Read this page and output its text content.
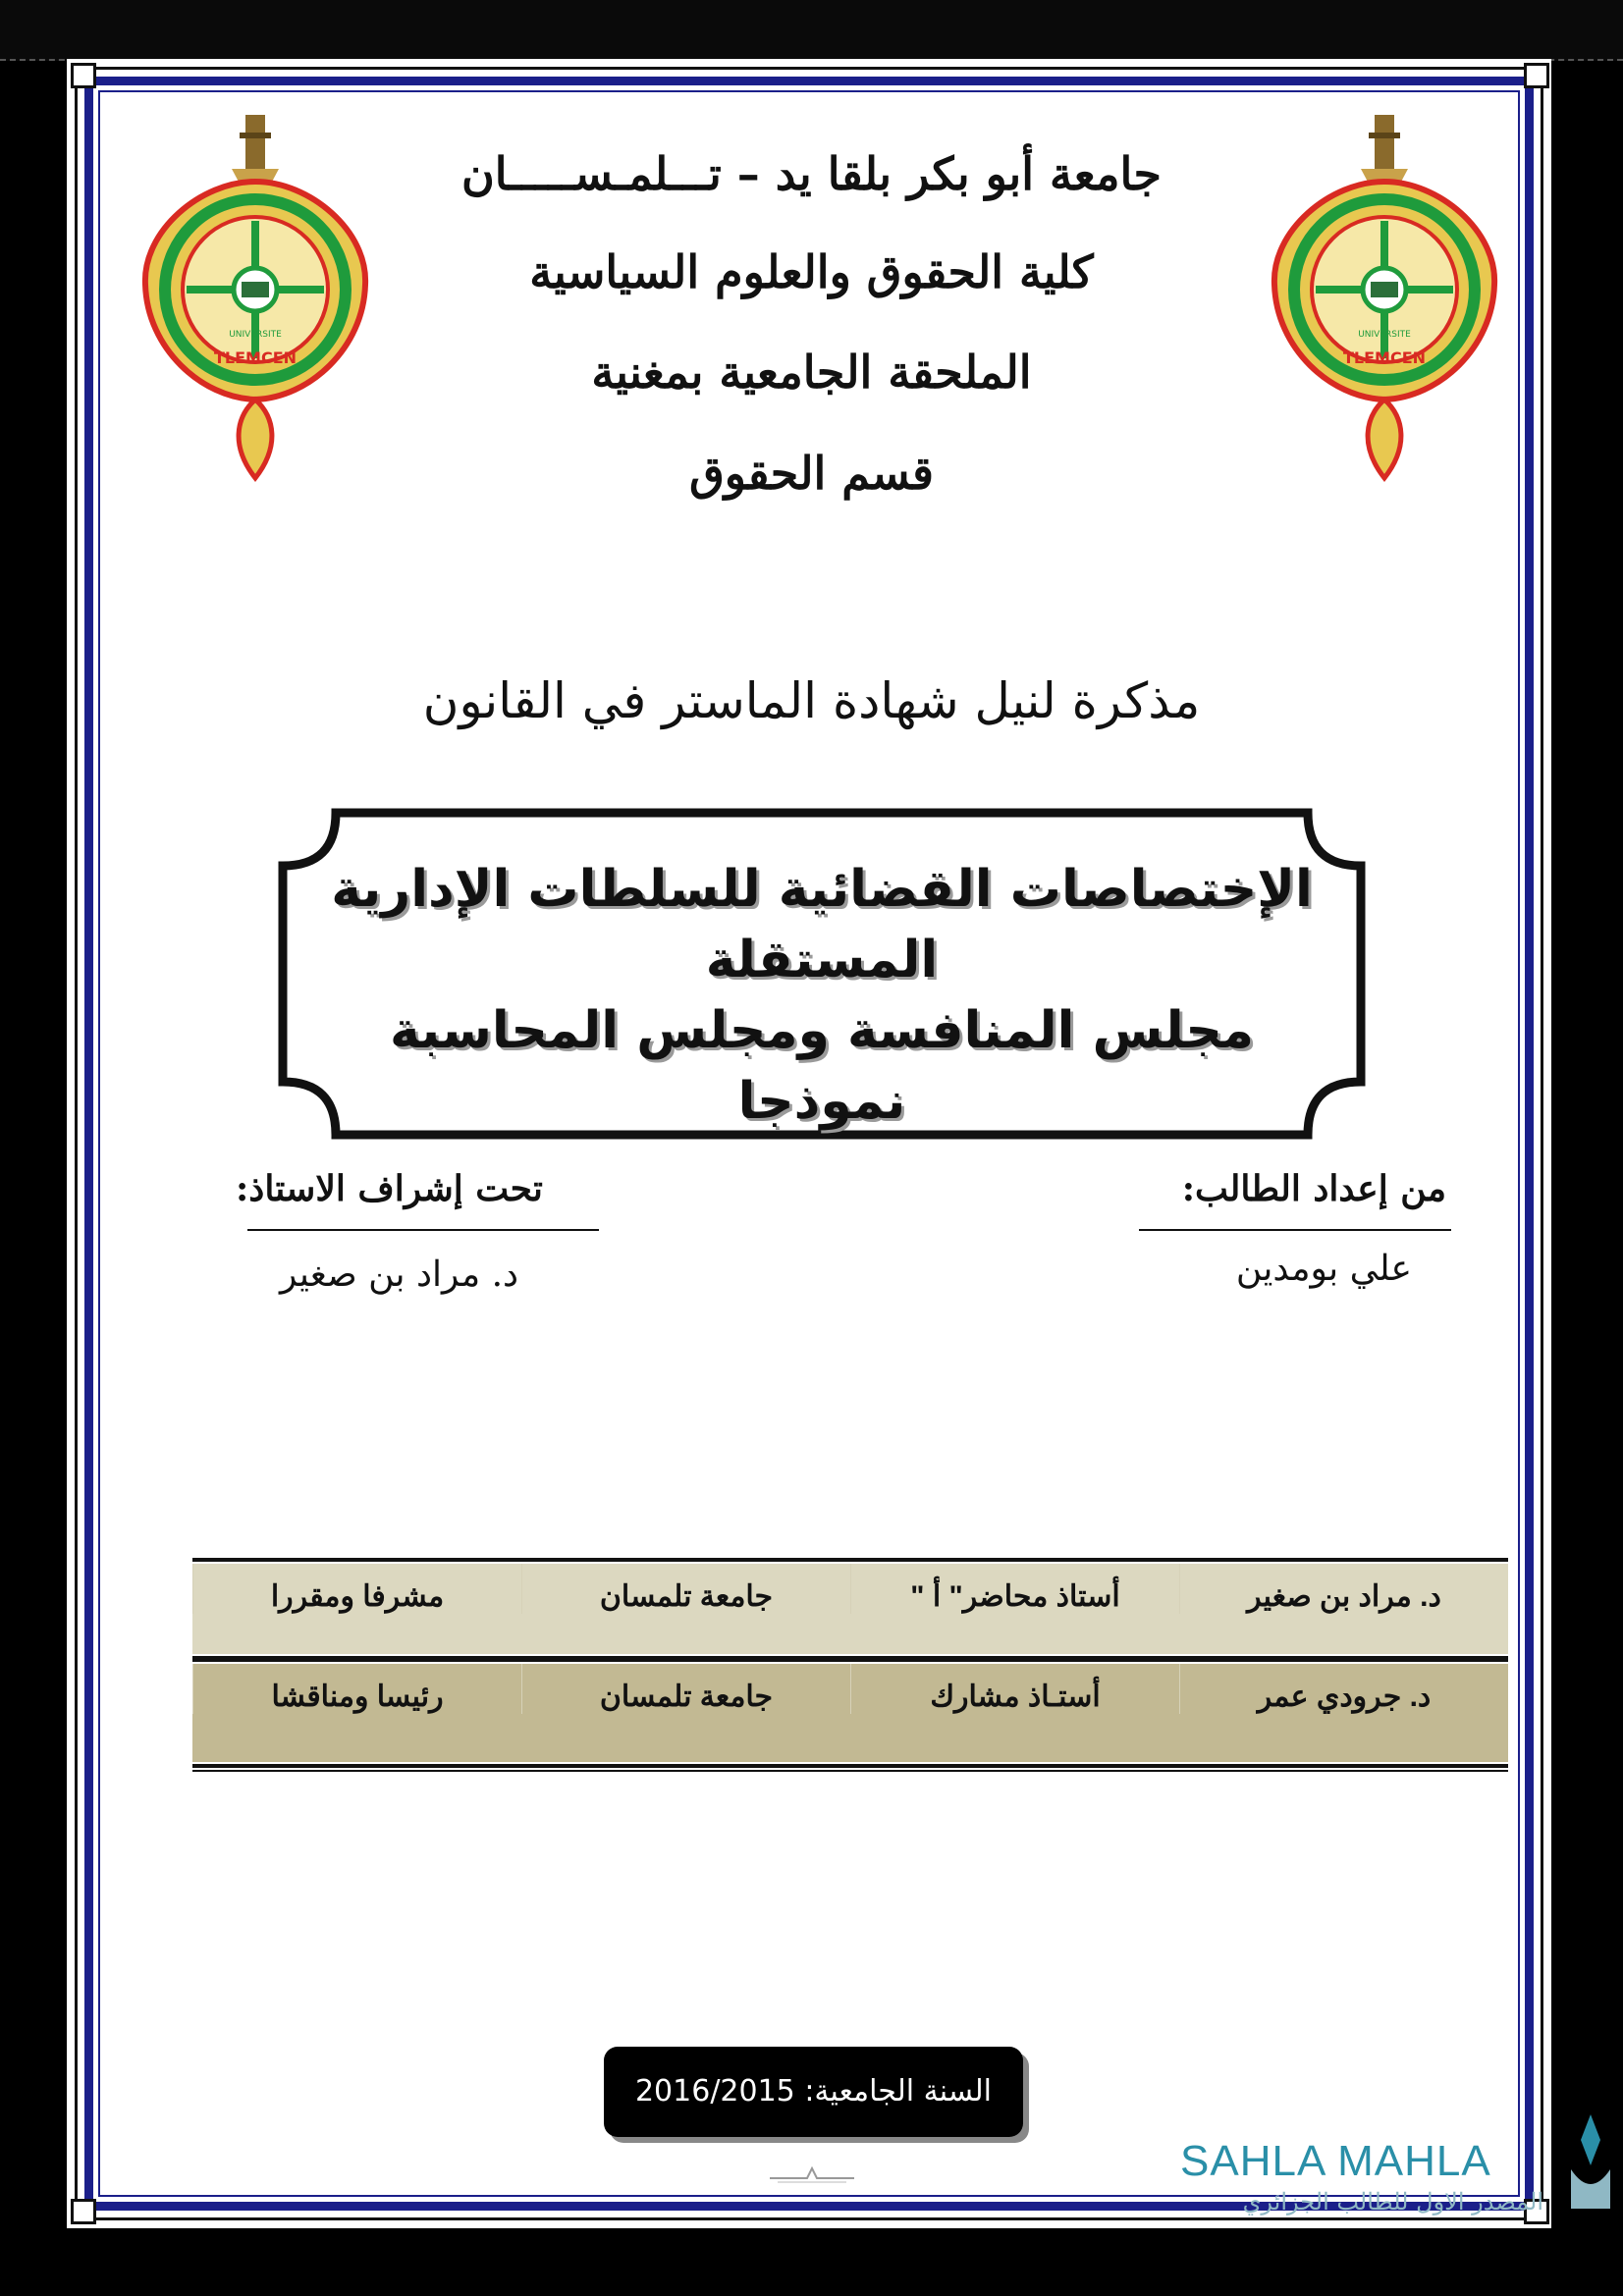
TLEMCEN
UNIVERSITE
TLEMCEN
UNIVERSITE
جامعة أبو بكر بلقا يد – تـــلمـســـــان
كلية الحقوق والعلوم السياسية
الملحقة الجامعية بمغنية
قسم الحقوق
مذكرة لنيل شهادة الماستر في القانون
الإختصاصات القضائية للسلطات الإدارية المستقلة
مجلس المنافسة ومجلس المحاسبة
نموذجا
من إعداد الطالب:
علي بومدين
تحت إشراف الاستاذ:
د. مراد بن صغير
د. مراد بن صغير
أستاذ محاضر" أ "
جامعة تلمسان
مشرفا ومقررا
د. جرودي عمر
أستـاذ مشارك
جامعة تلمسان
رئيسا ومناقشا
السنة الجامعية: 2016/2015
SAHLA MAHLA
المصدر الاول للطالب الجزائري
